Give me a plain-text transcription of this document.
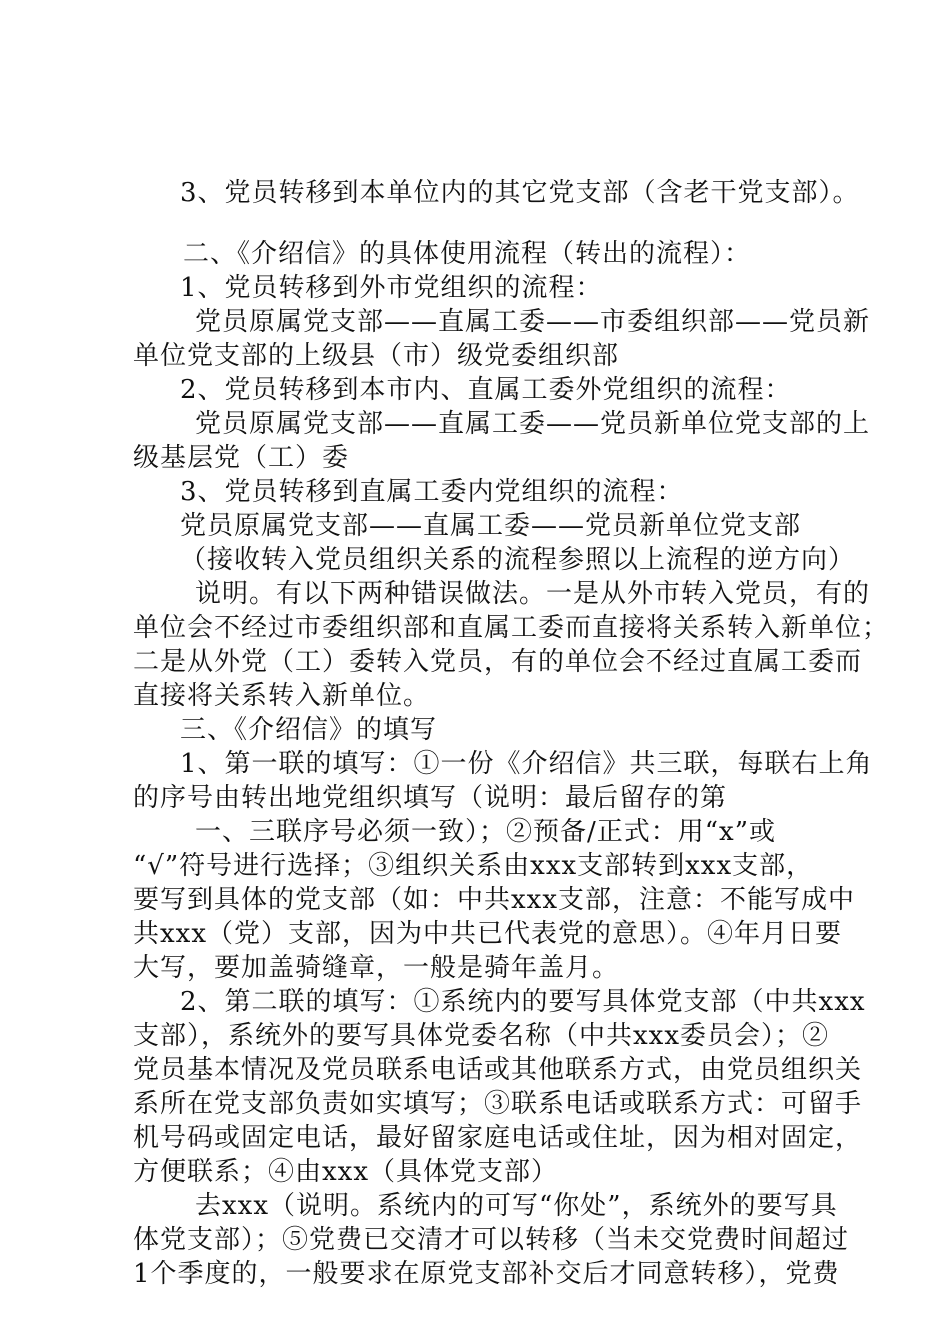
3、党员转移到本单位内的其它党支部（含老干党支部）。
二、《介绍信》的具体使用流程（转出的流程）：
1、党员转移到外市党组织的流程：
党员原属党支部——直属工委——市委组织部——党员新
单位党支部的上级县（市）级党委组织部
2、党员转移到本市内、直属工委外党组织的流程：
党员原属党支部——直属工委——党员新单位党支部的上
级基层党（工）委
3、党员转移到直属工委内党组织的流程：
党员原属党支部——直属工委——党员新单位党支部
（接收转入党员组织关系的流程参照以上流程的逆方向）
说明。有以下两种错误做法。一是从外市转入党员，有的
单位会不经过市委组织部和直属工委而直接将关系转入新单位；
二是从外党（工）委转入党员，有的单位会不经过直属工委而
直接将关系转入新单位。
三、《介绍信》的填写
1、第一联的填写：①一份《介绍信》共三联，每联右上角
的序号由转出地党组织填写（说明：最后留存的第
一、三联序号必须一致）；②预备/正式：用“x”或
“√”符号进行选择；③组织关系由xxx支部转到xxx支部，
要写到具体的党支部（如：中共xxx支部，注意：不能写成中
共xxx（党）支部，因为中共已代表党的意思）。④年月日要
大写，要加盖骑缝章，一般是骑年盖月。
2、第二联的填写：①系统内的要写具体党支部（中共xxx
支部），系统外的要写具体党委名称（中共xxx委员会）；②
党员基本情况及党员联系电话或其他联系方式，由党员组织关
系所在党支部负责如实填写；③联系电话或联系方式：可留手
机号码或固定电话，最好留家庭电话或住址，因为相对固定，
方便联系；④由xxx（具体党支部）
去xxx（说明。系统内的可写“你处”，系统外的要写具
体党支部）；⑤党费已交清才可以转移（当未交党费时间超过
1个季度的，一般要求在原党支部补交后才同意转移），党费
